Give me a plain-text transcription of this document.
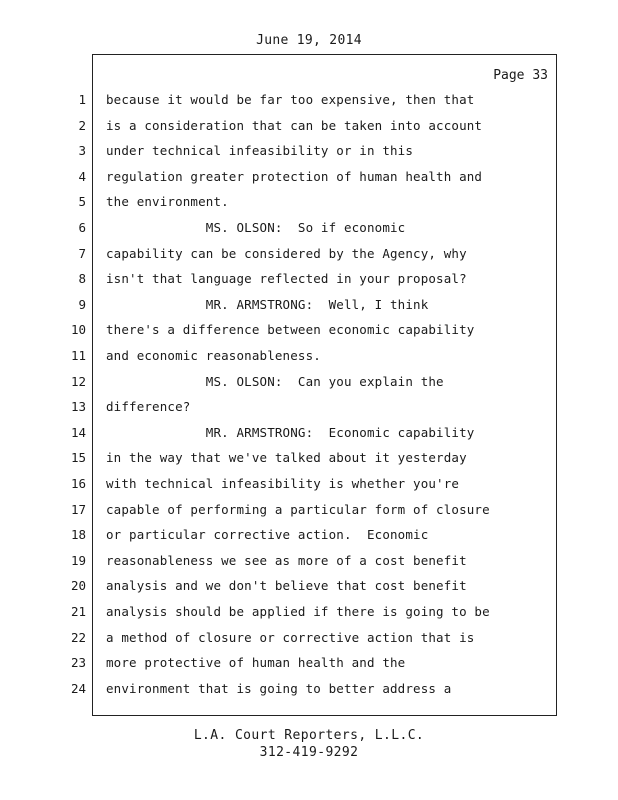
June 19, 2014
Page 33
1 because it would be far too expensive, then that
2 is a consideration that can be taken into account
3 under technical infeasibility or in this
4 regulation greater protection of human health and
5 the environment.
6 MS. OLSON:  So if economic
7 capability can be considered by the Agency, why
8 isn't that language reflected in your proposal?
9 MR. ARMSTRONG:  Well, I think
10 there's a difference between economic capability
11 and economic reasonableness.
12 MS. OLSON:  Can you explain the
13 difference?
14 MR. ARMSTRONG:  Economic capability
15 in the way that we've talked about it yesterday
16 with technical infeasibility is whether you're
17 capable of performing a particular form of closure
18 or particular corrective action.  Economic
19 reasonableness we see as more of a cost benefit
20 analysis and we don't believe that cost benefit
21 analysis should be applied if there is going to be
22 a method of closure or corrective action that is
23 more protective of human health and the
24 environment that is going to better address a
L.A. Court Reporters, L.L.C.
312-419-9292
